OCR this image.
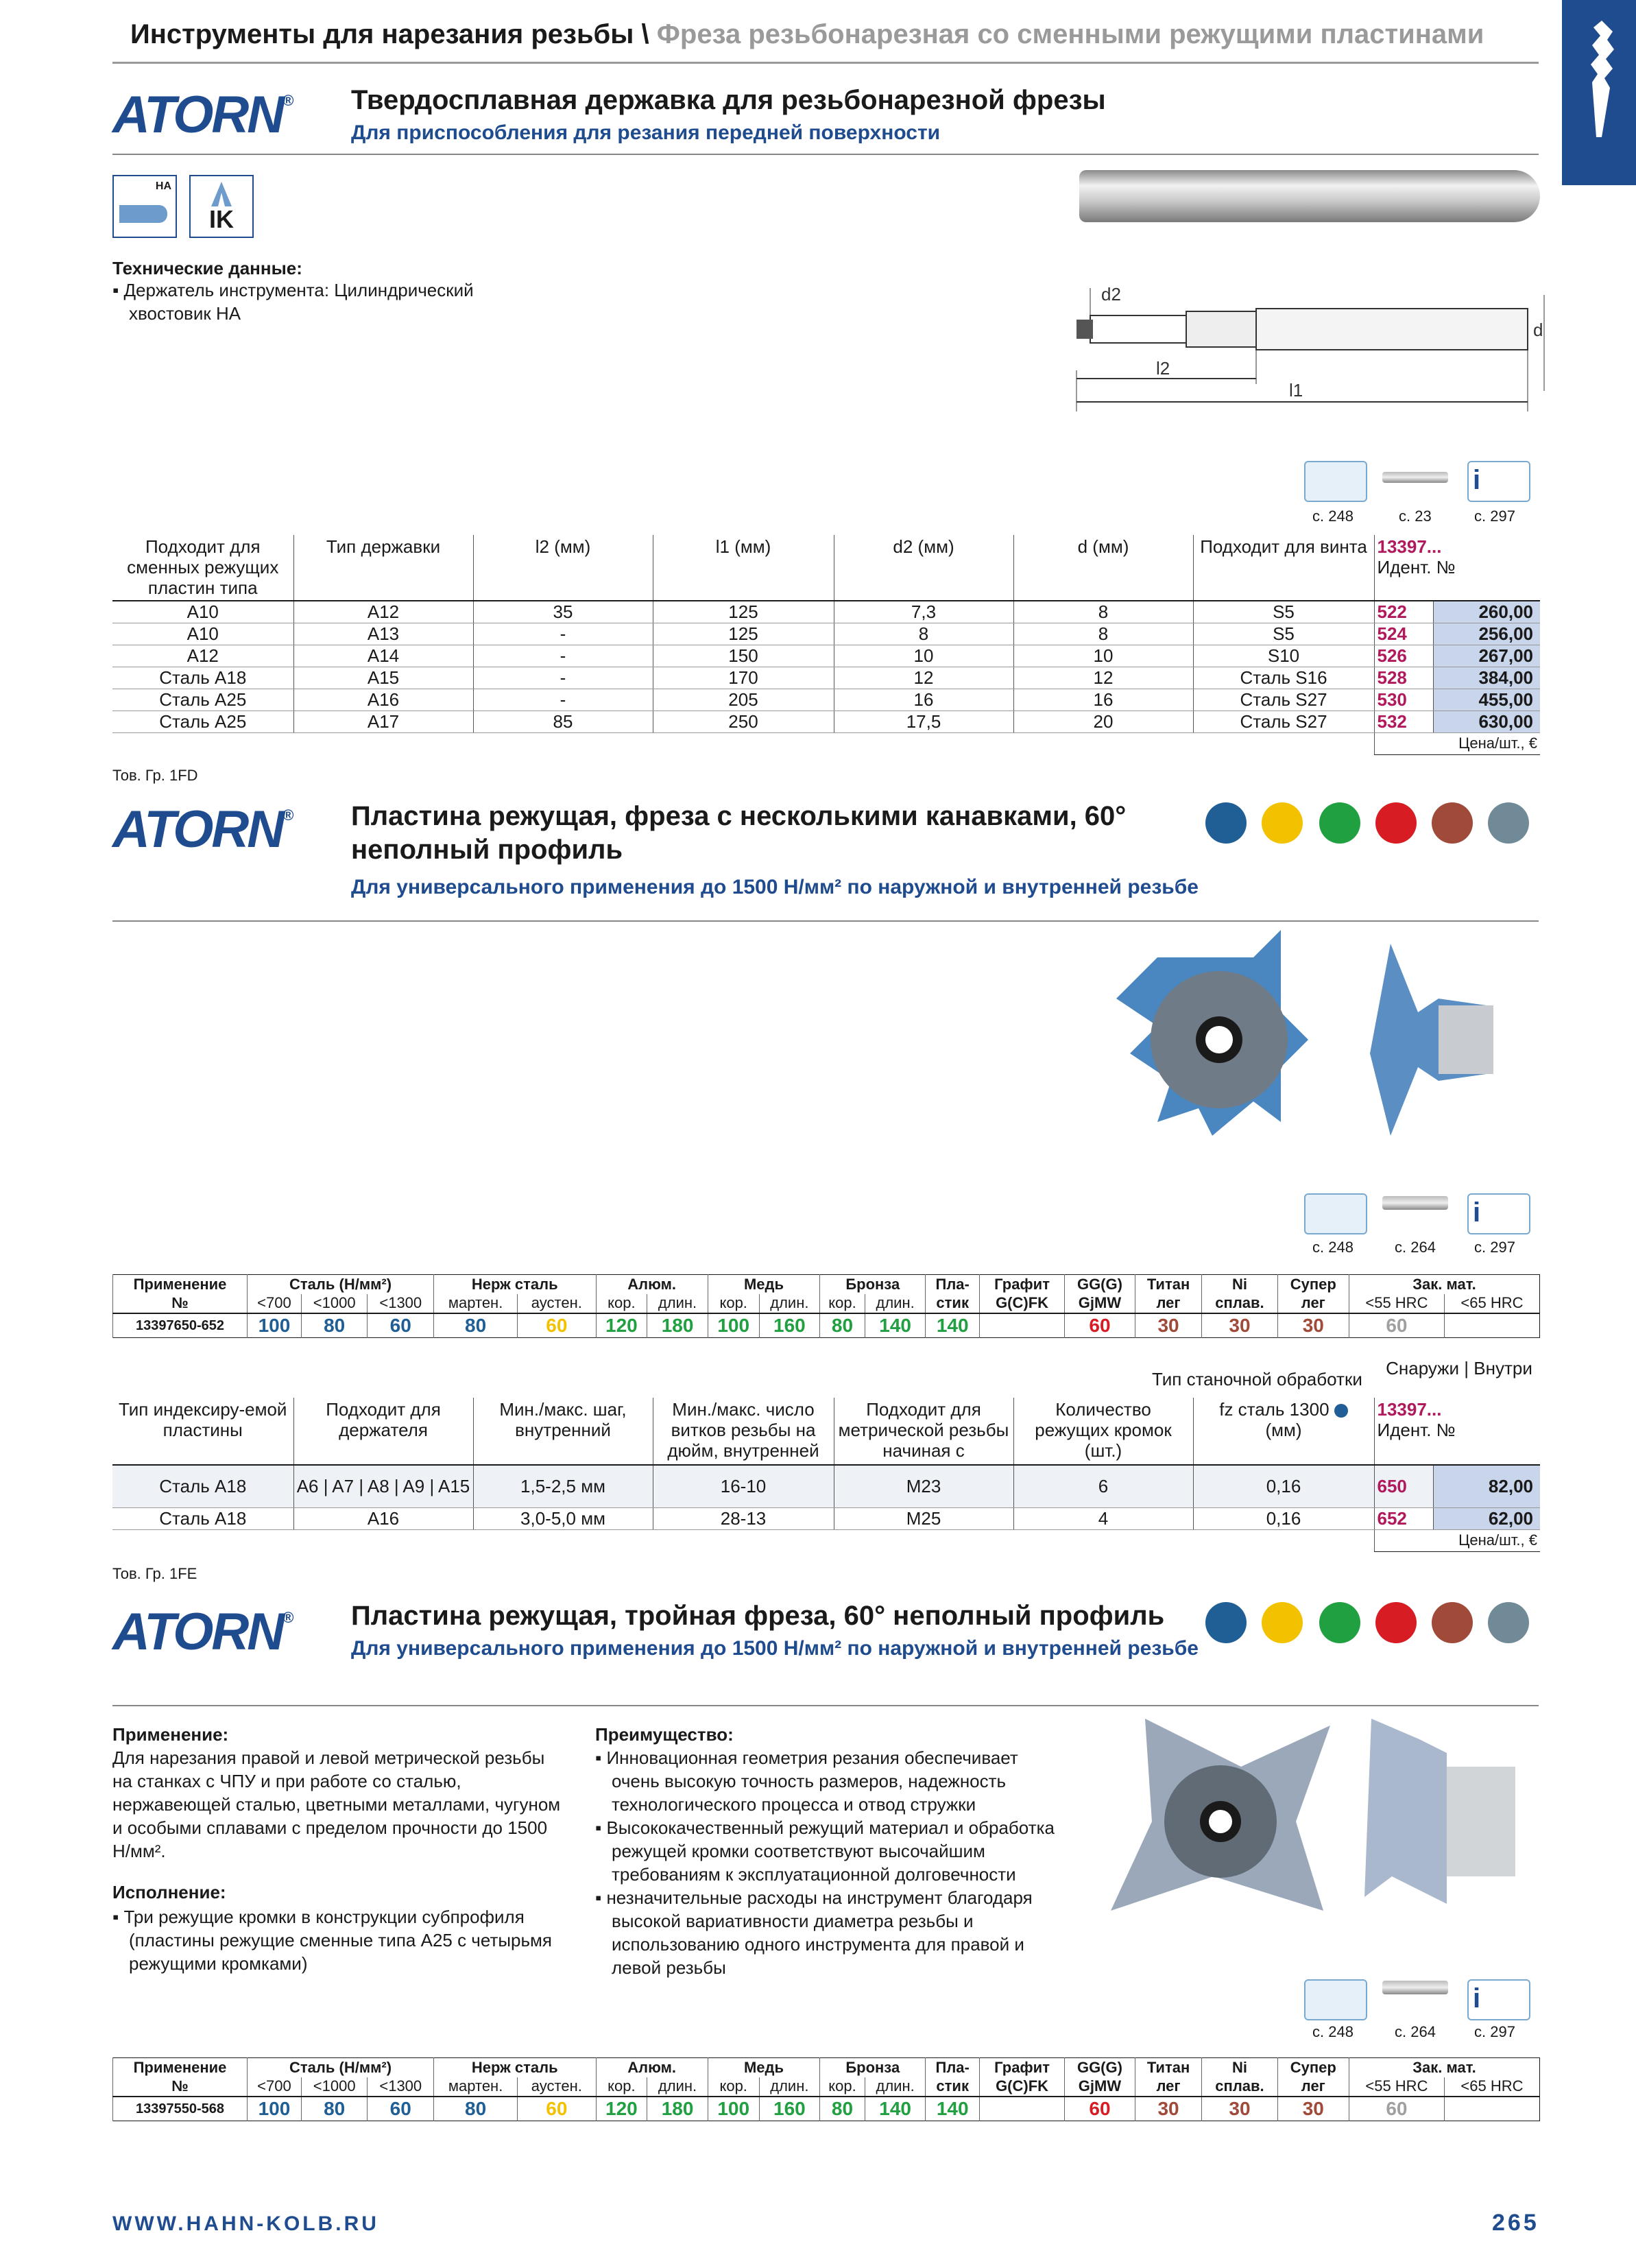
Инструменты для нарезания резьбы \ Фреза резьбонарезная со сменными режущими пластинами
ATORN® Твердосплавная державка для резьбонарезной фрезы
Для приспособления для резания передней поверхности
HA
IK
Технические данные:
▪ Держатель инструмента: Цилиндрический хвостовик HA
d2
d
l2
l1
i
с. 248	с. 23	с. 297
Подходит для сменных режущих пластин типа	Тип державки	l2 (мм)	l1 (мм)	d2 (мм)	d (мм)	Подходит для винта	13397...
Идент. №	
A10	A12	35	125	7,3	8	S5	522	260,00
A10	A13	-	125	8	8	S5	524	256,00
A12	A14	-	150	10	10	S10	526	267,00
Сталь A18	A15	-	170	12	12	Сталь S16	528	384,00
Сталь A25	A16	-	205	16	16	Сталь S27	530	455,00
Сталь A25	A17	85	250	17,5	20	Сталь S27	532	630,00
							Цена/шт., €	
Тов. Гр. 1FD
ATORN® Пластина режущая, фреза с несколькими канавками, 60° неполный профиль
Для универсального применения до 1500 Н/мм² по наружной и внутренней резьбе
i
с. 248	с. 264	с. 297
Применение	Сталь (Н/мм²)			Нерж сталь		Алюм.		Медь		Бронза		Пла-	Графит	GG(G)	Титан	Ni	Супер	Зак. мат.	
№	<700	<1000	<1300	мартен.	аустен.	кор.	длин.	кор.	длин.	кор.	длин.	стик	G(C)FK	GjMW	лег	сплав.	лег	<55 HRC	<65 HRC
13397650-652	100	80	60	80	60	120	180	100	160	80	140	140		60	30	30	30	60	
Тип станочной обработки
Снаружи | Внутри
Тип индексиру-емой пластины	Подходит для держателя	Мин./макс. шаг, внутренний	Мин./макс. число витков резьбы на дюйм, внутренней	Подходит для метрической резьбы начиная с	Количество режущих кромок (шт.)	fz сталь 1300
(мм)	13397...
Идент. №	
Сталь A18	A6 | A7 | A8 | A9 | A15	1,5-2,5 мм	16-10	M23	6	0,16	650	82,00
Сталь A18	A16	3,0-5,0 мм	28-13	M25	4	0,16	652	62,00
							Цена/шт., €	
Тов. Гр. 1FE
ATORN® Пластина режущая, тройная фреза, 60° неполный профиль
Для универсального применения до 1500 Н/мм² по наружной и внутренней резьбе
Применение:
Для нарезания правой и левой метрической резьбы на станках с ЧПУ и при работе со сталью, нержавеющей сталью, цветными металлами, чугуном и особыми сплавами с пределом прочности до 1500 Н/мм².
Исполнение:
▪ Три режущие кромки в конструкции субпрофиля (пластины режущие сменные типа A25 с четырьмя режущими кромками)
Преимущество:
▪ Инновационная геометрия резания обеспечивает очень высокую точность размеров, надежность технологического процесса и отвод стружки
▪ Высококачественный режущий материал и обработка режущей кромки соответствуют высочайшим требованиям к эксплуатационной долговечности
▪ незначительные расходы на инструмент благодаря высокой вариативности диаметра резьбы и использованию одного инструмента для правой и левой резьбы
i
с. 248	с. 264	с. 297
Применение	Сталь (Н/мм²)			Нерж сталь		Алюм.		Медь		Бронза		Пла-	Графит	GG(G)	Титан	Ni	Супер	Зак. мат.	
№	<700	<1000	<1300	мартен.	аустен.	кор.	длин.	кор.	длин.	кор.	длин.	стик	G(C)FK	GjMW	лег	сплав.	лег	<55 HRC	<65 HRC
13397550-568	100	80	60	80	60	120	180	100	160	80	140	140		60	30	30	30	60	
WWW.HAHN-KOLB.RU	265
